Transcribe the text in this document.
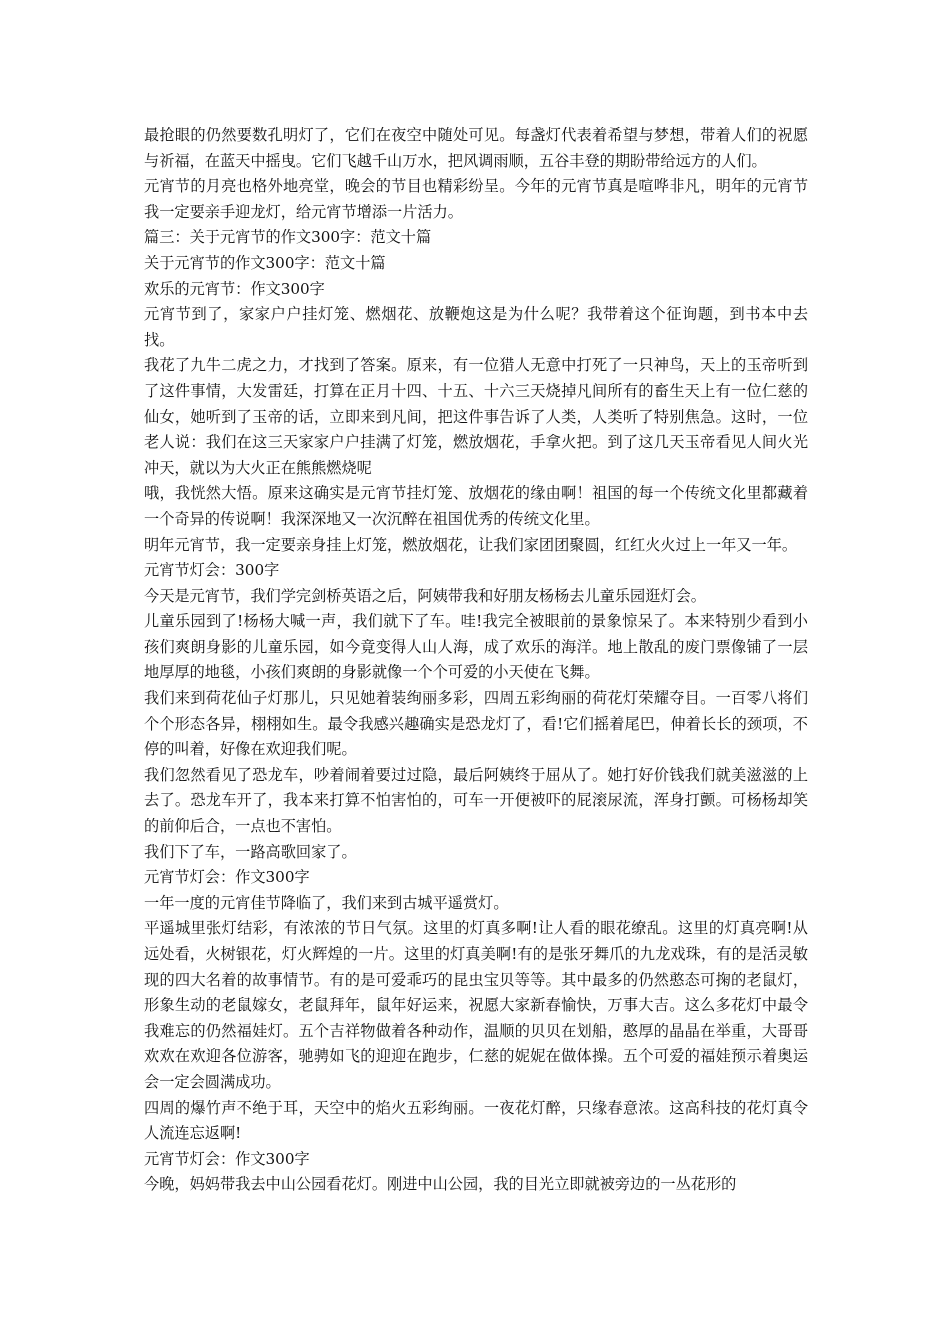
最抢眼的仍然要数孔明灯了，它们在夜空中随处可见。每盏灯代表着希望与梦想，带着人们的祝愿与祈福，在蓝天中摇曳。它们飞越千山万水，把风调雨顺，五谷丰登的期盼带给远方的人们。

元宵节的月亮也格外地亮堂，晚会的节目也精彩纷呈。今年的元宵节真是喧哗非凡，明年的元宵节我一定要亲手迎龙灯，给元宵节增添一片活力。

篇三：关于元宵节的作文300字：范文十篇

关于元宵节的作文300字：范文十篇

欢乐的元宵节：作文300字

元宵节到了，家家户户挂灯笼、燃烟花、放鞭炮这是为什么呢？我带着这个征询题，到书本中去找。

我花了九牛二虎之力，才找到了答案。原来，有一位猎人无意中打死了一只神鸟，天上的玉帝听到了这件事情，大发雷廷，打算在正月十四、十五、十六三天烧掉凡间所有的畜生天上有一位仁慈的仙女，她听到了玉帝的话，立即来到凡间，把这件事告诉了人类，人类听了特别焦急。这时，一位老人说：我们在这三天家家户户挂满了灯笼，燃放烟花，手拿火把。到了这几天玉帝看见人间火光冲天，就以为大火正在熊熊燃烧呢

哦，我恍然大悟。原来这确实是元宵节挂灯笼、放烟花的缘由啊！祖国的每一个传统文化里都藏着一个奇异的传说啊！我深深地又一次沉醉在祖国优秀的传统文化里。

明年元宵节，我一定要亲身挂上灯笼，燃放烟花，让我们家团团聚圆，红红火火过上一年又一年。

元宵节灯会：300字

今天是元宵节，我们学完剑桥英语之后，阿姨带我和好朋友杨杨去儿童乐园逛灯会。

儿童乐园到了!杨杨大喊一声，我们就下了车。哇!我完全被眼前的景象惊呆了。本来特别少看到小孩们爽朗身影的儿童乐园，如今竟变得人山人海，成了欢乐的海洋。地上散乱的废门票像铺了一层地厚厚的地毯，小孩们爽朗的身影就像一个个可爱的小天使在飞舞。

我们来到荷花仙子灯那儿，只见她着装绚丽多彩，四周五彩绚丽的荷花灯荣耀夺目。一百零八将们个个形态各异，栩栩如生。最令我感兴趣确实是恐龙灯了，看!它们摇着尾巴，伸着长长的颈项，不停的叫着，好像在欢迎我们呢。

我们忽然看见了恐龙车，吵着闹着要过过隐，最后阿姨终于屈从了。她打好价钱我们就美滋滋的上去了。恐龙车开了，我本来打算不怕害怕的，可车一开便被吓的屁滚尿流，浑身打颤。可杨杨却笑的前仰后合，一点也不害怕。

我们下了车，一路高歌回家了。

元宵节灯会：作文300字

一年一度的元宵佳节降临了，我们来到古城平遥赏灯。

平遥城里张灯结彩，有浓浓的节日气氛。这里的灯真多啊!让人看的眼花缭乱。这里的灯真亮啊!从远处看，火树银花，灯火辉煌的一片。这里的灯真美啊!有的是张牙舞爪的九龙戏珠，有的是活灵敏现的四大名着的故事情节。有的是可爱乖巧的昆虫宝贝等等。其中最多的仍然憨态可掬的老鼠灯，形象生动的老鼠嫁女，老鼠拜年，鼠年好运来，祝愿大家新春愉快，万事大吉。这么多花灯中最令我难忘的仍然福娃灯。五个吉祥物做着各种动作，温顺的贝贝在划船，憨厚的晶晶在举重，大哥哥欢欢在欢迎各位游客，驰骋如飞的迎迎在跑步，仁慈的妮妮在做体操。五个可爱的福娃预示着奥运会一定会圆满成功。

四周的爆竹声不绝于耳，天空中的焰火五彩绚丽。一夜花灯醉，只缘春意浓。这高科技的花灯真令人流连忘返啊!

元宵节灯会：作文300字

今晚，妈妈带我去中山公园看花灯。刚进中山公园，我的目光立即就被旁边的一丛花形的
